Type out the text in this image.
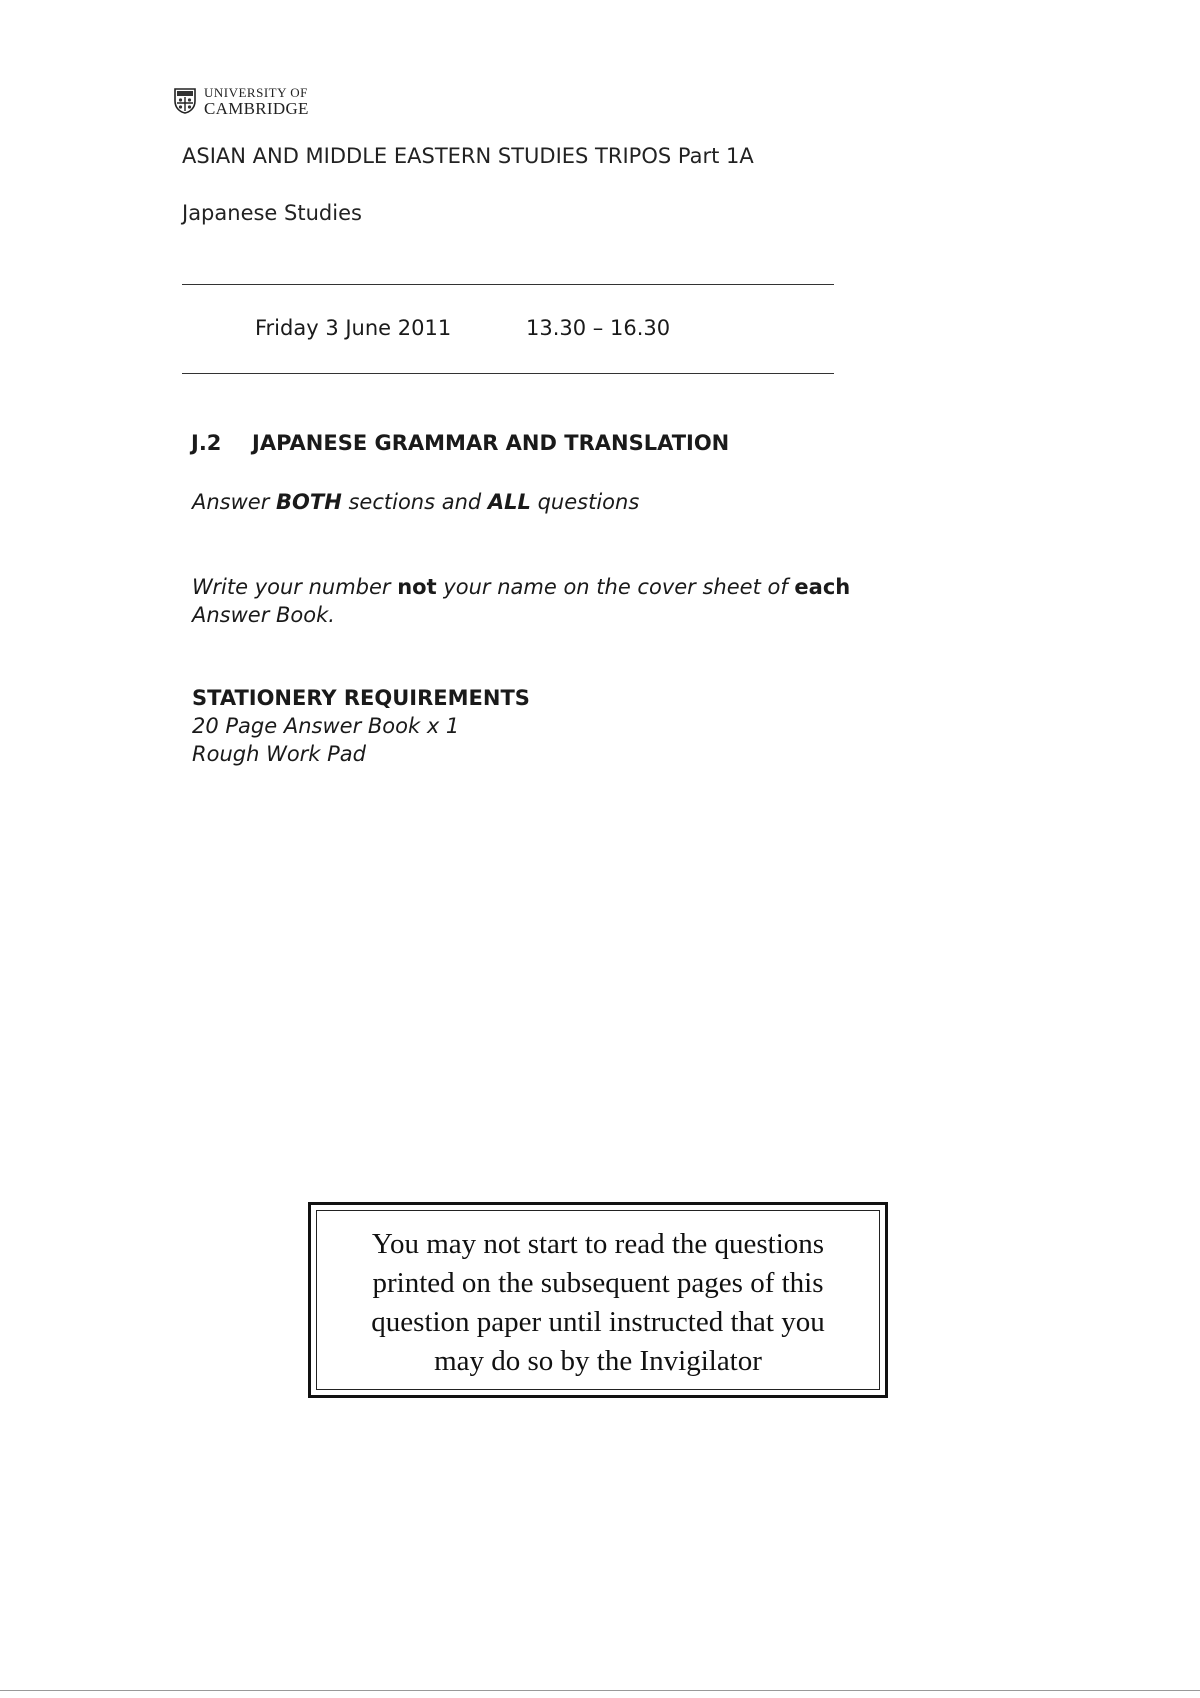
UNIVERSITY OF
CAMBRIDGE
ASIAN AND MIDDLE EASTERN STUDIES TRIPOS Part 1A
Japanese Studies
Friday 3 June 2011	13.30 – 16.30
J.2 JAPANESE GRAMMAR AND TRANSLATION
Answer BOTH sections and ALL questions
Write your number not your name on the cover sheet of each
Answer Book.
STATIONERY REQUIREMENTS
20 Page Answer Book x 1
Rough Work Pad
You may not start to read the questions
printed on the subsequent pages of this
question paper until instructed that you
may do so by the Invigilator
